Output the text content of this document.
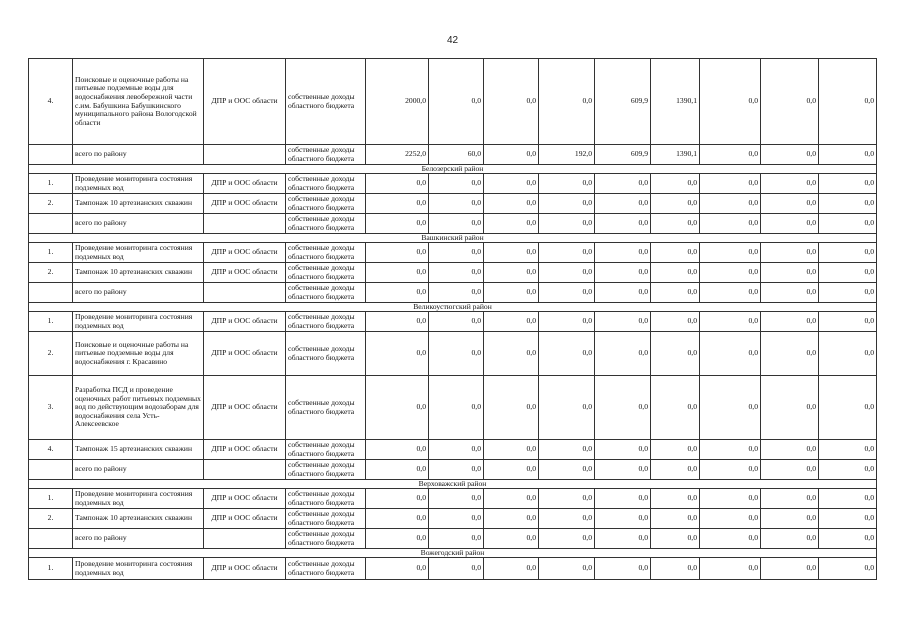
42
4.	Поисковые и оценочные работы на питьевые подземные воды для водоснабжения левобережной части с.им. Бабушкина Бабушкинского муниципального района Вологодской области	ДПР и ООС области	собственные доходы областного бюджета	2000,0	0,0	0,0	0,0	609,9	1390,1	0,0	0,0	0,0
	всего по району		собственные доходы областного бюджета	2252,0	60,0	0,0	192,0	609,9	1390,1	0,0	0,0	0,0
Белозерский район												
1.	Проведение мониторинга состояния подземных вод	ДПР и ООС области	собственные доходы областного бюджета	0,0	0,0	0,0	0,0	0,0	0,0	0,0	0,0	0,0
2.	Тампонаж 10 артезианских скважин	ДПР и ООС области	собственные доходы областного бюджета	0,0	0,0	0,0	0,0	0,0	0,0	0,0	0,0	0,0
	всего по району		собственные доходы областного бюджета	0,0	0,0	0,0	0,0	0,0	0,0	0,0	0,0	0,0
Вашкинский район												
1.	Проведение мониторинга состояния подземных вод	ДПР и ООС области	собственные доходы областного бюджета	0,0	0,0	0,0	0,0	0,0	0,0	0,0	0,0	0,0
2.	Тампонаж 10 артезианских скважин	ДПР и ООС области	собственные доходы областного бюджета	0,0	0,0	0,0	0,0	0,0	0,0	0,0	0,0	0,0
	всего по району		собственные доходы областного бюджета	0,0	0,0	0,0	0,0	0,0	0,0	0,0	0,0	0,0
Великоустюгский район												
1.	Проведение мониторинга состояния подземных вод	ДПР и ООС области	собственные доходы областного бюджета	0,0	0,0	0,0	0,0	0,0	0,0	0,0	0,0	0,0
2.	Поисковые и оценочные работы на питьевые подземные воды для водоснабжения г. Красавино	ДПР и ООС области	собственные доходы областного бюджета	0,0	0,0	0,0	0,0	0,0	0,0	0,0	0,0	0,0
3.	Разработка ПСД и проведение оценочных работ питьевых подземных вод по действующим водозаборам для водоснабжения села Усть-Алексеевское	ДПР и ООС области	собственные доходы областного бюджета	0,0	0,0	0,0	0,0	0,0	0,0	0,0	0,0	0,0
4.	Тампонаж 15 артезианских скважин	ДПР и ООС области	собственные доходы областного бюджета	0,0	0,0	0,0	0,0	0,0	0,0	0,0	0,0	0,0
	всего по району		собственные доходы областного бюджета	0,0	0,0	0,0	0,0	0,0	0,0	0,0	0,0	0,0
Верховажский район												
1.	Проведение мониторинга состояния подземных вод	ДПР и ООС области	собственные доходы областного бюджета	0,0	0,0	0,0	0,0	0,0	0,0	0,0	0,0	0,0
2.	Тампонаж 10 артезианских скважин	ДПР и ООС области	собственные доходы областного бюджета	0,0	0,0	0,0	0,0	0,0	0,0	0,0	0,0	0,0
	всего по району		собственные доходы областного бюджета	0,0	0,0	0,0	0,0	0,0	0,0	0,0	0,0	0,0
Вожегодский район												
1.	Проведение мониторинга состояния подземных вод	ДПР и ООС области	собственные доходы областного бюджета	0,0	0,0	0,0	0,0	0,0	0,0	0,0	0,0	0,0
